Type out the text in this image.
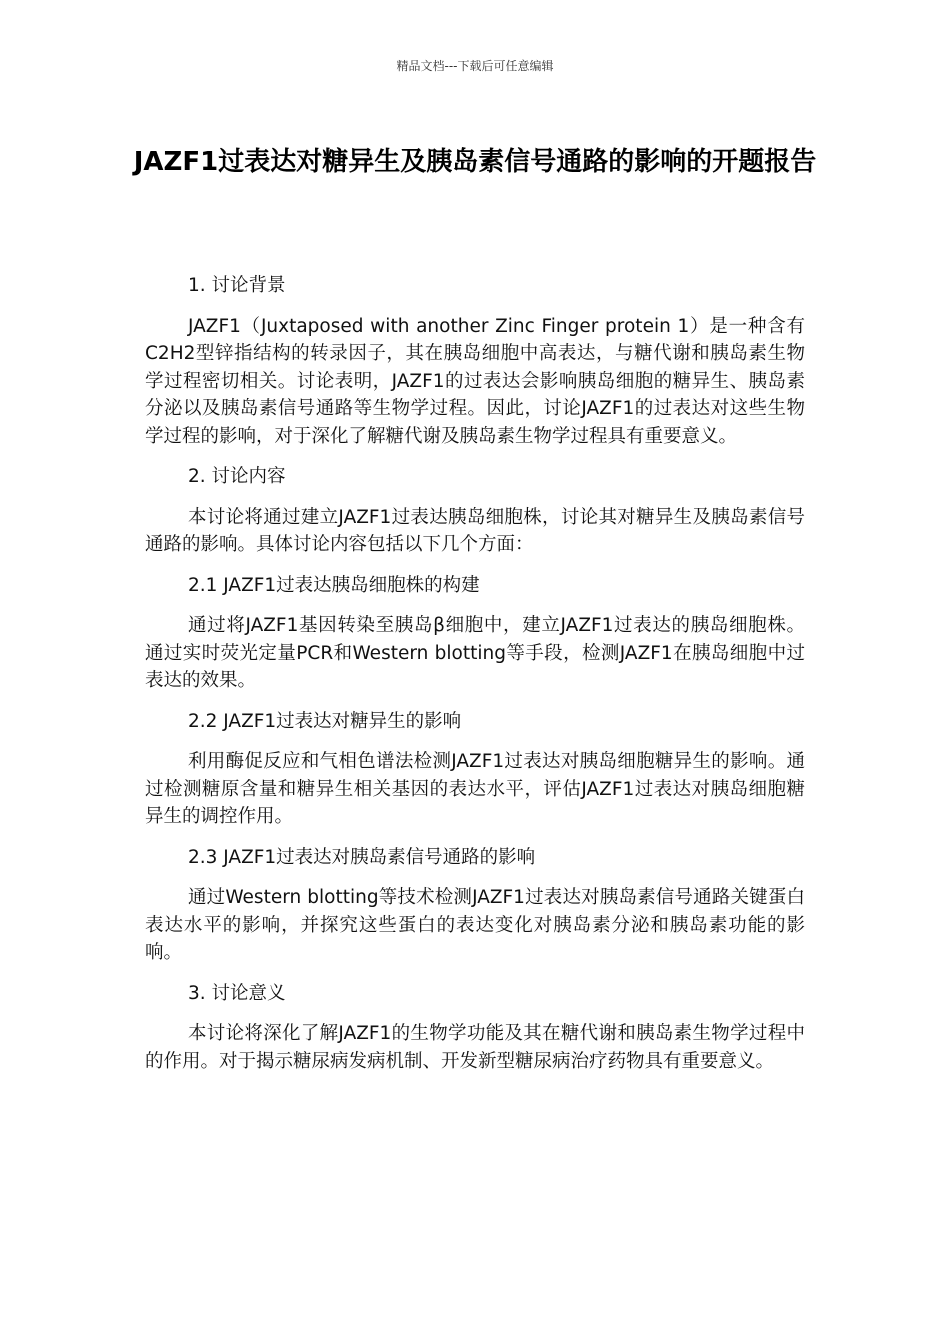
精品文档---下载后可任意编辑
JAZF1过表达对糖异生及胰岛素信号通路的影响的开题报告

1. 讨论背景

JAZF1（Juxtaposed with another Zinc Finger protein 1）是一种含有C2H2型锌指结构的转录因子，其在胰岛细胞中高表达，与糖代谢和胰岛素生物学过程密切相关。讨论表明，JAZF1的过表达会影响胰岛细胞的糖异生、胰岛素分泌以及胰岛素信号通路等生物学过程。因此，讨论JAZF1的过表达对这些生物学过程的影响，对于深化了解糖代谢及胰岛素生物学过程具有重要意义。

2. 讨论内容

本讨论将通过建立JAZF1过表达胰岛细胞株，讨论其对糖异生及胰岛素信号通路的影响。具体讨论内容包括以下几个方面：

2.1 JAZF1过表达胰岛细胞株的构建

通过将JAZF1基因转染至胰岛β细胞中，建立JAZF1过表达的胰岛细胞株。通过实时荧光定量PCR和Western blotting等手段，检测JAZF1在胰岛细胞中过表达的效果。

2.2 JAZF1过表达对糖异生的影响

利用酶促反应和气相色谱法检测JAZF1过表达对胰岛细胞糖异生的影响。通过检测糖原含量和糖异生相关基因的表达水平，评估JAZF1过表达对胰岛细胞糖异生的调控作用。

2.3 JAZF1过表达对胰岛素信号通路的影响

通过Western blotting等技术检测JAZF1过表达对胰岛素信号通路关键蛋白表达水平的影响，并探究这些蛋白的表达变化对胰岛素分泌和胰岛素功能的影响。

3. 讨论意义

本讨论将深化了解JAZF1的生物学功能及其在糖代谢和胰岛素生物学过程中的作用。对于揭示糖尿病发病机制、开发新型糖尿病治疗药物具有重要意义。
